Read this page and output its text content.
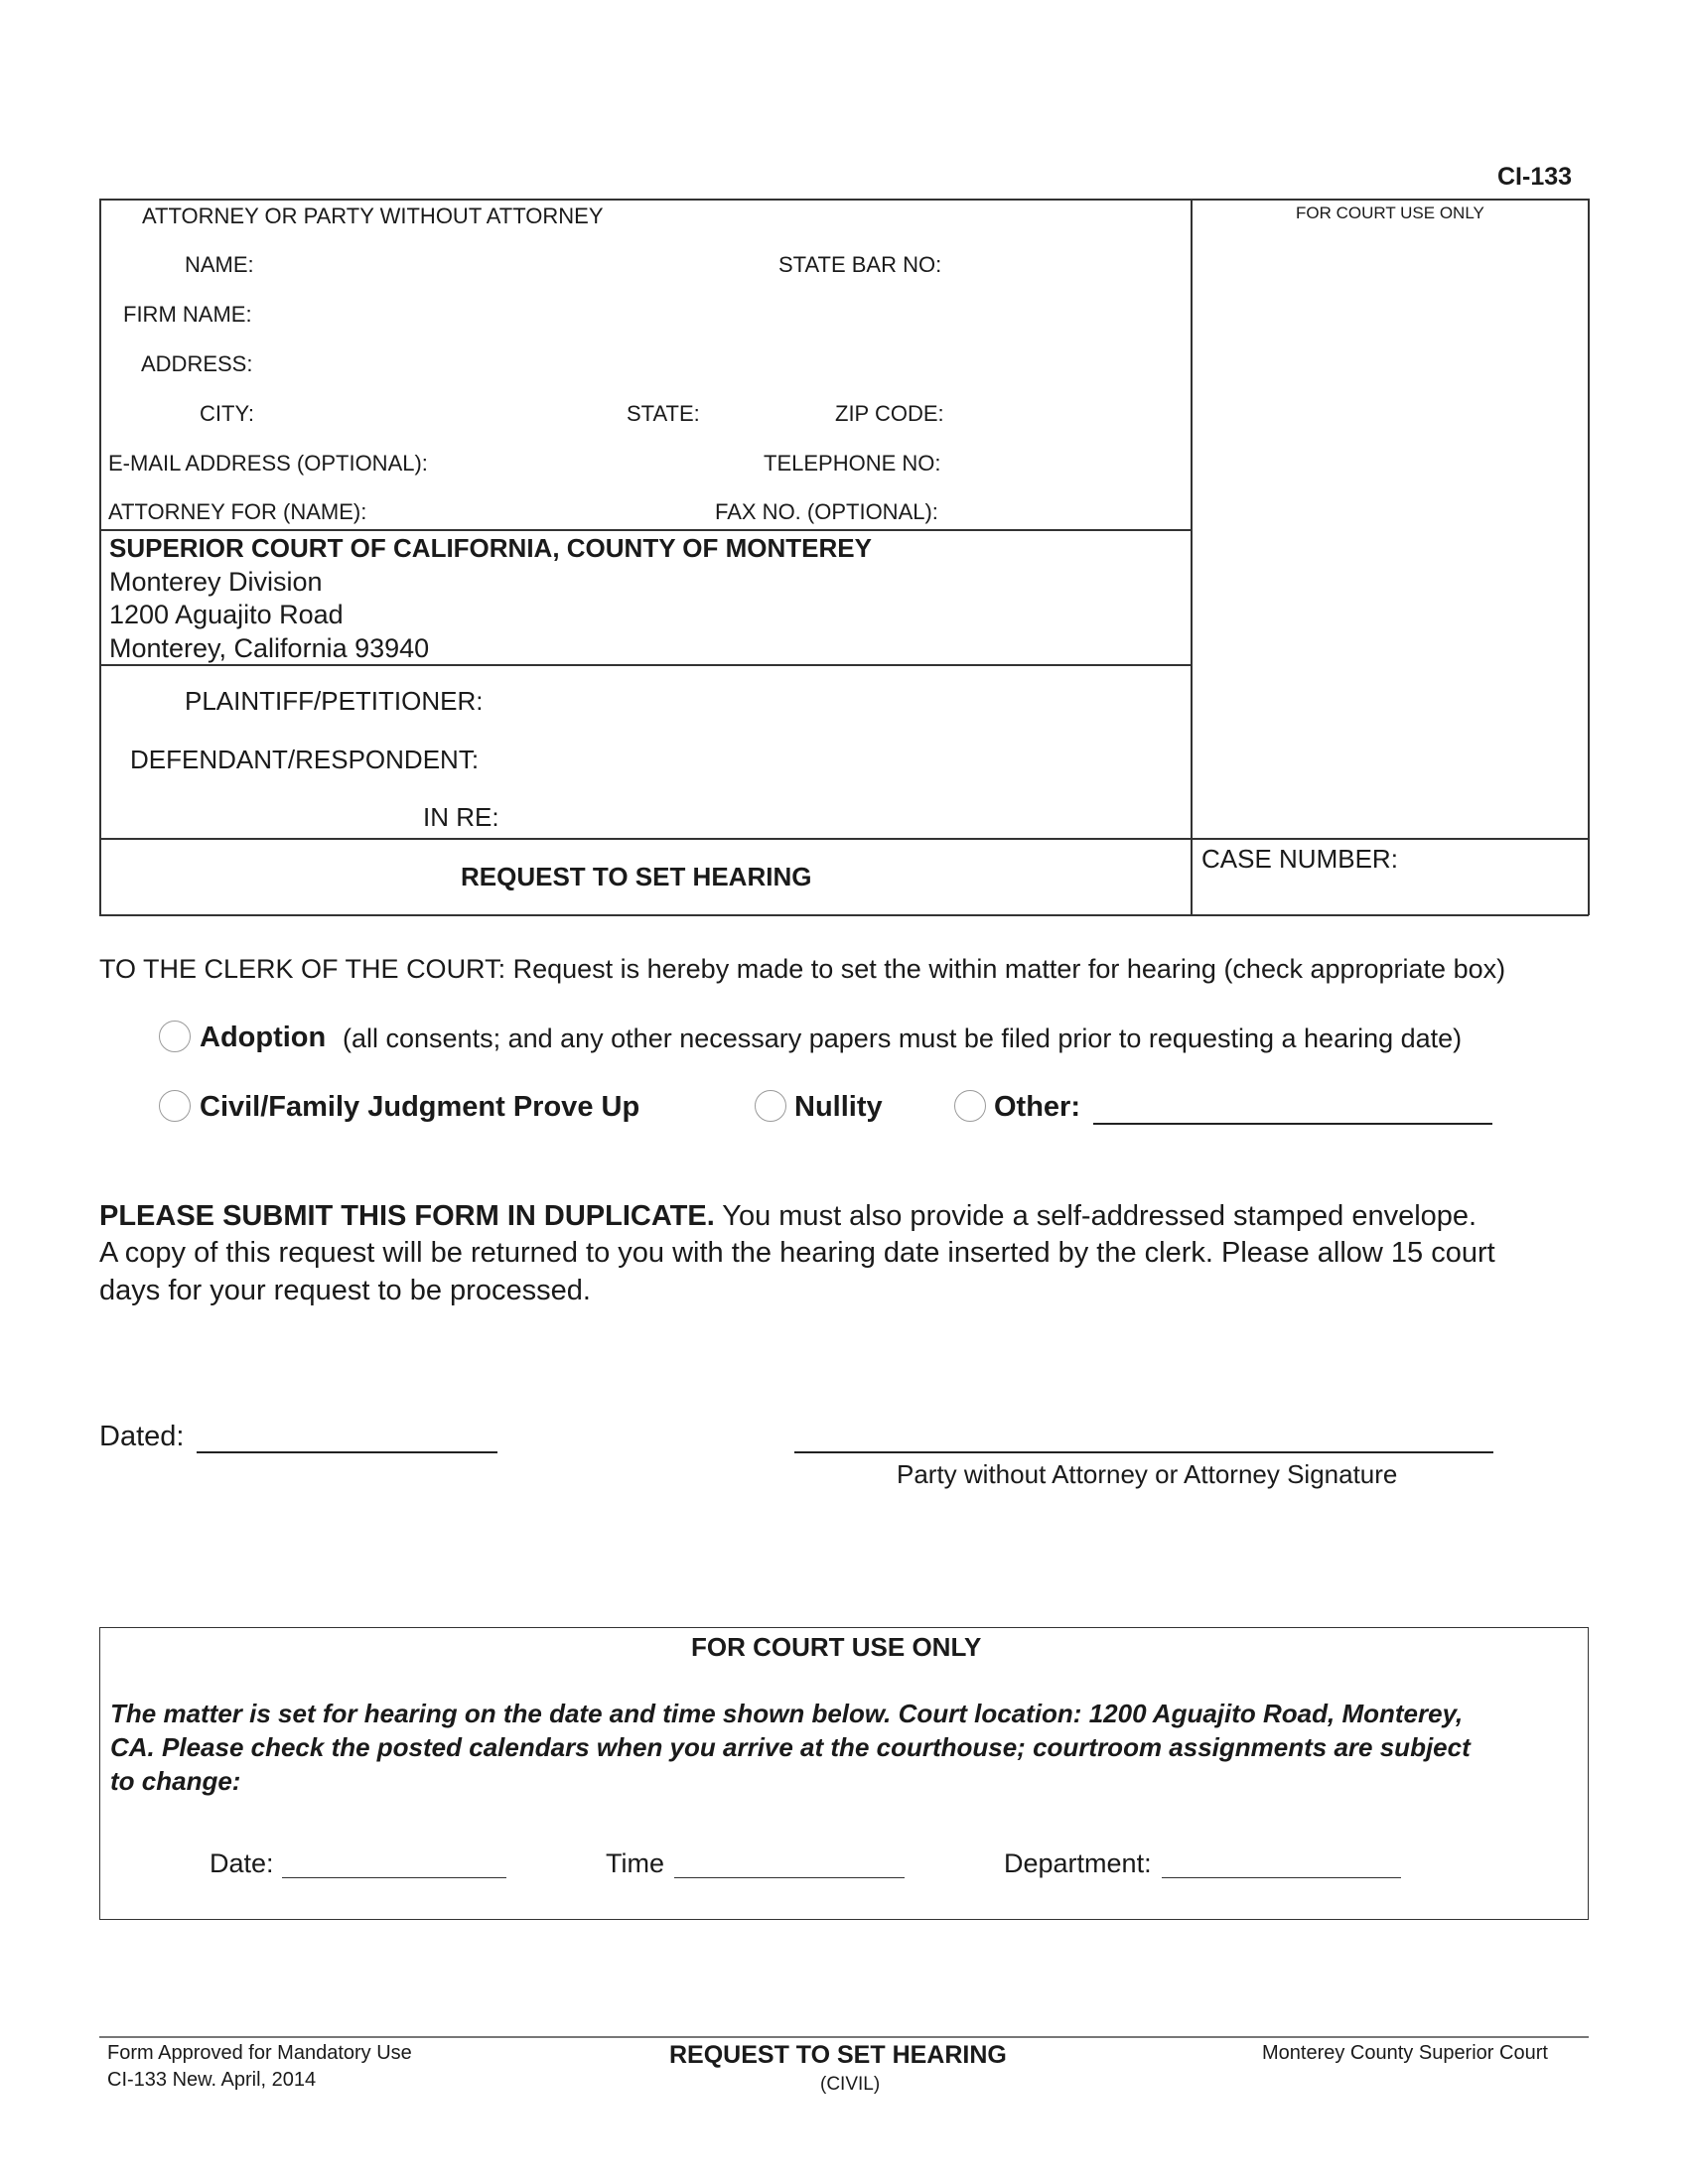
CI-133
ATTORNEY OR PARTY WITHOUT ATTORNEY	FOR COURT USE ONLY
NAME:	STATE BAR NO:
FIRM NAME:
ADDRESS:
CITY:	STATE:	ZIP CODE:
E-MAIL ADDRESS (OPTIONAL):	TELEPHONE NO:
ATTORNEY FOR (NAME):	FAX NO. (OPTIONAL):
SUPERIOR COURT OF CALIFORNIA, COUNTY OF MONTEREY
Monterey Division
1200 Aguajito Road
Monterey, California 93940
PLAINTIFF/PETITIONER:
DEFENDANT/RESPONDENT:
IN RE:
REQUEST TO SET HEARING
CASE NUMBER:
TO THE CLERK OF THE COURT: Request is hereby made to set the within matter for hearing (check appropriate box)
Adoption (all consents; and any other necessary papers must be filed prior to requesting a hearing date)
Civil/Family Judgment Prove Up	Nullity	Other:
PLEASE SUBMIT THIS FORM IN DUPLICATE. You must also provide a self-addressed stamped envelope.
A copy of this request will be returned to you with the hearing date inserted by the clerk. Please allow 15 court
days for your request to be processed.
Dated:
Party without Attorney or Attorney Signature
FOR COURT USE ONLY
The matter is set for hearing on the date and time shown below. Court location: 1200 Aguajito Road, Monterey,
CA. Please check the posted calendars when you arrive at the courthouse; courtroom assignments are subject
to change:
Date:	Time	Department:
Form Approved for Mandatory Use
CI-133 New. April, 2014
REQUEST TO SET HEARING
(CIVIL)
Monterey County Superior Court
